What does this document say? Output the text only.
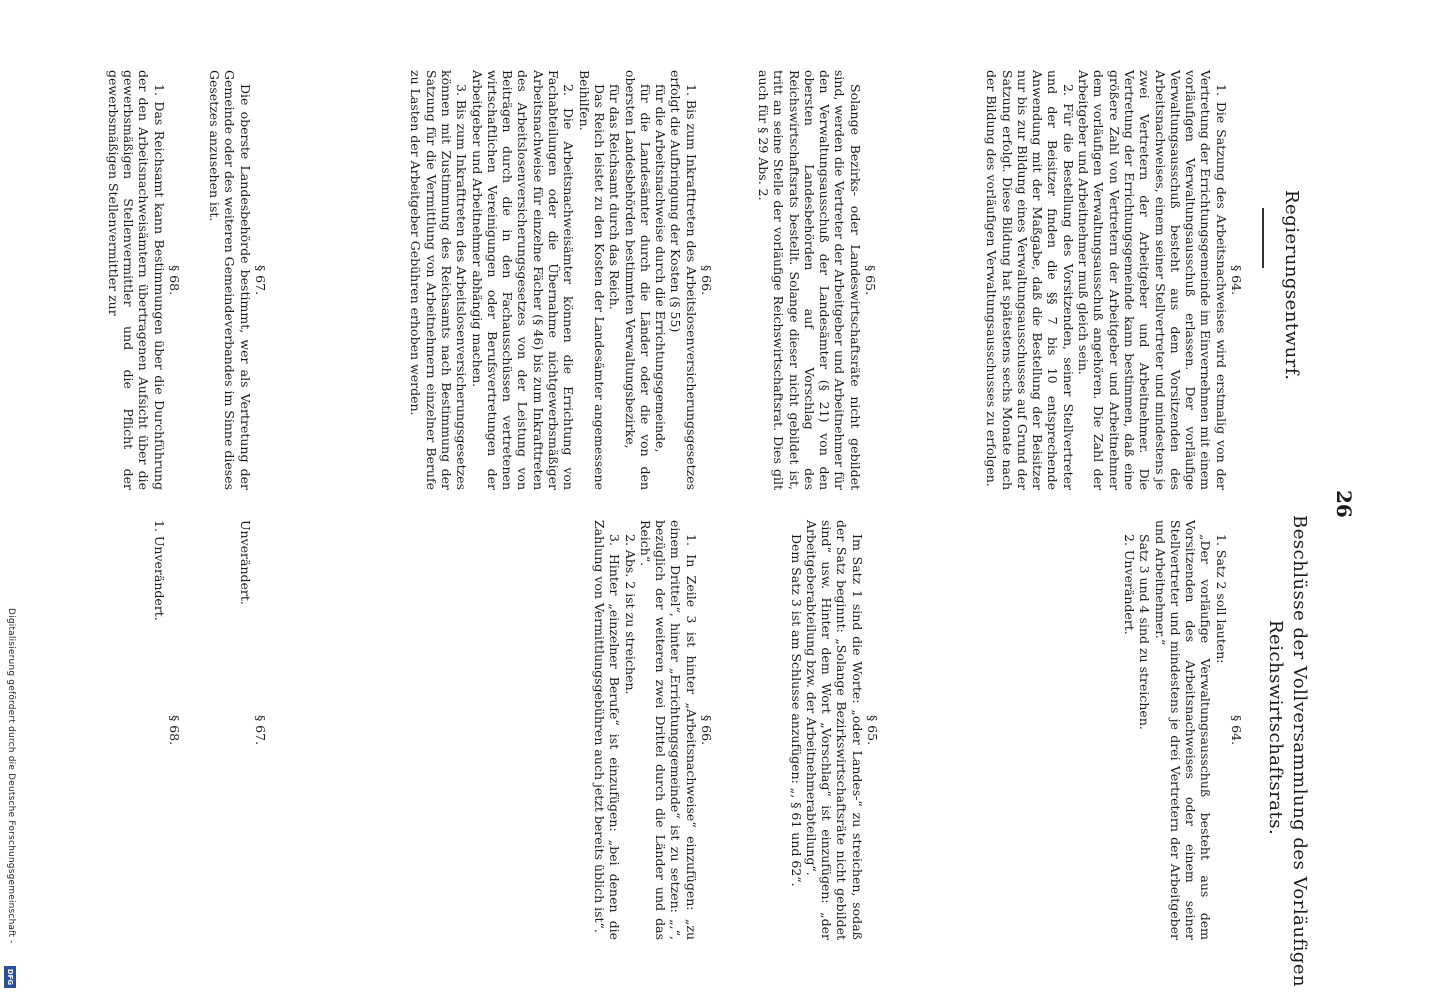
26
Regierungsentwurf.
Beschlüsse der Vollversammlung des Vorläufigen
Reichswirtschaftsrats.

§ 64.

1. Die Satzung des Arbeitsnachweises wird erstmalig von der Vertretung der Errichtungsgemeinde im Einvernehmen mit einem vorläufigen Verwaltungsausschuß erlassen. Der vorläufige Verwaltungsausschuß besteht aus dem Vorsitzenden des Arbeitsnachweises, einem seiner Stellvertreter und mindestens je zwei Vertretern der Arbeitgeber und Arbeitnehmer. Die Vertretung der Errichtungsgemeinde kann bestimmen, daß eine größere Zahl von Vertretern der Arbeitgeber und Arbeitnehmer dem vorläufigen Verwaltungsausschuß angehören. Die Zahl der Arbeitgeber und Arbeitnehmer muß gleich sein.

2. Für die Bestellung des Vorsitzenden, seiner Stellvertreter und der Beisitzer finden die §§ 7 bis 10 entsprechende Anwendung mit der Maßgabe, daß die Bestellung der Beisitzer nur bis zur Bildung eines Verwaltungsausschusses auf Grund der Satzung erfolgt. Diese Bildung hat spätestens sechs Monate nach der Bildung des vorläufigen Verwaltungsausschusses zu erfolgen.

§ 65.

Solange Bezirks- oder Landeswirtschaftsräte nicht gebildet sind, werden die Vertreter der Arbeitgeber und Arbeitnehmer für den Verwaltungsausschuß der Landesämter (§ 21) von den obersten Landesbehörden auf Vorschlag des Reichswirtschaftsrats bestellt. Solange dieser nicht gebildet ist, tritt an seine Stelle der vorläufige Reichswirtschaftsrat. Dies gilt auch für § 29 Abs. 2.

§ 66.

1. Bis zum Inkrafttreten des Arbeitslosenversicherungsgesetzes erfolgt die Aufbringung der Kosten (§ 55)

für die Arbeitsnachweise durch die Errichtungsgemeinde,

für die Landesämter durch die Länder oder die von den obersten Landesbehörden bestimmten Verwaltungsbezirke,

für das Reichsamt durch das Reich.

Das Reich leistet zu den Kosten der Landesämter angemessene Beihilfen.

2. Die Arbeitsnachweisämter können die Errichtung von Fachabteilungen oder die Übernahme nichtgewerbsmäßiger Arbeitsnachweise für einzelne Fächer (§ 46) bis zum Inkrafttreten des Arbeitslosenversicherungsgesetzes von der Leistung von Beiträgen durch die in den Fachausschüssen vertretenen wirtschaftlichen Vereinigungen oder Berufsvertretungen der Arbeitgeber und Arbeitnehmer abhängig machen.

3. Bis zum Inkrafttreten des Arbeitslosenversicherungsgesetzes können mit Zustimmung des Reichsamts nach Bestimmung der Satzung für die Vermittlung von Arbeitnehmern einzelner Berufe zu Lasten der Arbeitgeber Gebühren erhoben werden.

§ 67.

Die oberste Landesbehörde bestimmt, wer als Vertretung der Gemeinde oder des weiteren Gemeindeverbandes im Sinne dieses Gesetzes anzusehen ist.

§ 68.

1. Das Reichsamt kann Bestimmungen über die Durchführung der den Arbeitsnachweisämtern übertragenen Aufsicht über die gewerbsmäßigen Stellenvermittler und die Pflicht der gewerbsmäßigen Stellenvermittler zur

§ 64.

1. Satz 2 soll lauten:

„Der vorläufige Verwaltungsausschuß besteht aus dem Vorsitzenden des Arbeitsnachweises oder einem seiner Stellvertreter und mindestens je drei Vertretern der Arbeitgeber und Arbeitnehmer.“

Satz 3 und 4 sind zu streichen.

2. Unverändert.

§ 65.

Im Satz 1 sind die Worte: „oder Landes-“ zu streichen, sodaß der Satz beginnt: „Solange Bezirkswirtschaftsräte nicht gebildet sind“ usw. Hinter dem Wort „Vorschlag“ ist einzufügen: „der Arbeitgeberabteilung bzw. der Arbeitnehmerabteilung“.

Dem Satz 3 ist am Schlusse anzufügen: „, § 61 und 62“.

§ 66.

1. In Zeile 3 ist hinter „Arbeitsnachweise“ einzufügen: „zu einem Drittel“, hinter „Errichtungsgemeinde“ ist zu setzen: „,“, bezüglich der weiteren zwei Drittel durch die Länder und das Reich“.

2. Abs. 2 ist zu streichen.

3. Hinter „einzelner Berufe“ ist einzufügen: „bei denen die Zahlung von Vermittlungsgebühren auch jetzt bereits üblich ist“.

§ 67.

Unverändert.

§ 68.

1. Unverändert.

Digitalisierung gefördert durch die Deutsche Forschungsgemeinschaft -
DFG
